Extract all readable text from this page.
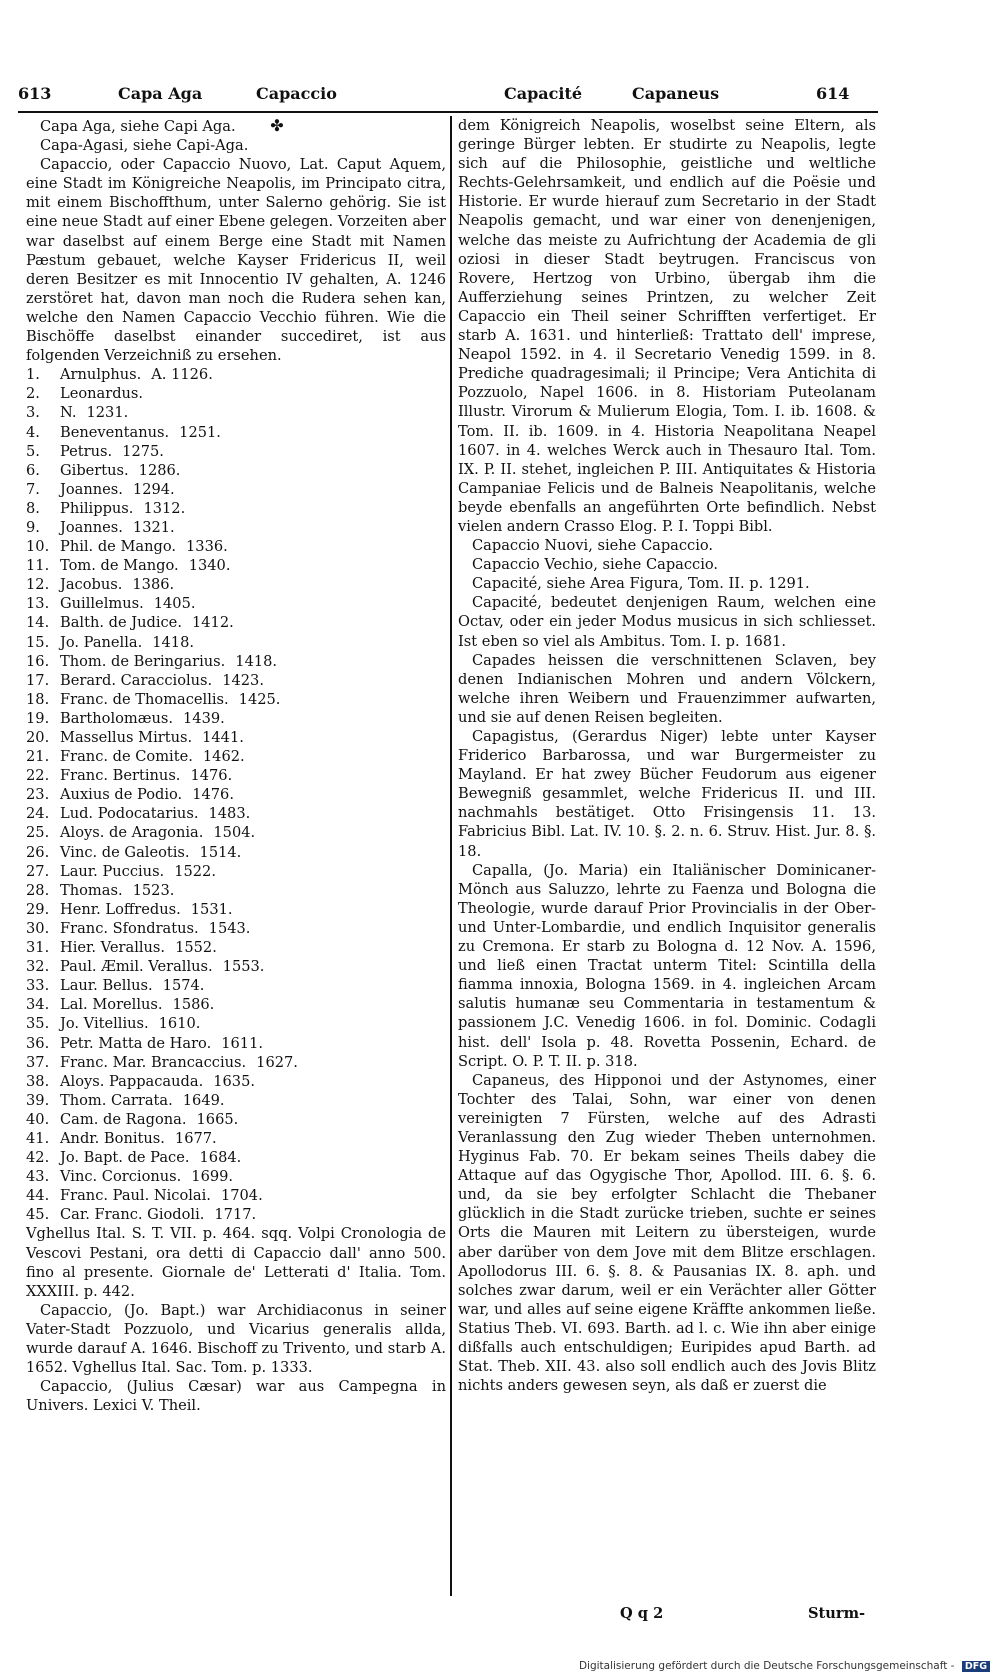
613	Capa Aga	Capaccio	Capacité	Capaneus	614

Capa Aga, siehe Capi Aga. ✤

Capa-Agasi, siehe Capi-Aga.

Capaccio, oder Capaccio Nuovo, Lat. Caput Aquem, eine Stadt im Königreiche Neapolis, im Principato citra, mit einem Bischoffthum, unter Salerno gehörig. Sie ist eine neue Stadt auf einer Ebene gelegen. Vorzeiten aber war daselbst auf einem Berge eine Stadt mit Namen Pæstum gebauet, welche Kayser Fridericus II, weil deren Besitzer es mit Innocentio IV gehalten, A. 1246 zerstöret hat, davon man noch die Rudera sehen kan, welche den Namen Capaccio Vecchio führen. Wie die Bischöffe daselbst einander succediret, ist aus folgenden Verzeichniß zu ersehen.

1. Arnulphus. A. 1126.
2. Leonardus.
3. N. 1231.
4. Beneventanus. 1251.
5. Petrus. 1275.
6. Gibertus. 1286.
7. Joannes. 1294.
8. Philippus. 1312.
9. Joannes. 1321.
10. Phil. de Mango. 1336.
11. Tom. de Mango. 1340.
12. Jacobus. 1386.
13. Guillelmus. 1405.
14. Balth. de Judice. 1412.
15. Jo. Panella. 1418.
16. Thom. de Beringarius. 1418.
17. Berard. Caracciolus. 1423.
18. Franc. de Thomacellis. 1425.
19. Bartholomæus. 1439.
20. Massellus Mirtus. 1441.
21. Franc. de Comite. 1462.
22. Franc. Bertinus. 1476.
23. Auxius de Podio. 1476.
24. Lud. Podocatarius. 1483.
25. Aloys. de Aragonia. 1504.
26. Vinc. de Galeotis. 1514.
27. Laur. Puccius. 1522.
28. Thomas. 1523.
29. Henr. Loffredus. 1531.
30. Franc. Sfondratus. 1543.
31. Hier. Verallus. 1552.
32. Paul. Æmil. Verallus. 1553.
33. Laur. Bellus. 1574.
34. Lal. Morellus. 1586.
35. Jo. Vitellius. 1610.
36. Petr. Matta de Haro. 1611.
37. Franc. Mar. Brancaccius. 1627.
38. Aloys. Pappacauda. 1635.
39. Thom. Carrata. 1649.
40. Cam. de Ragona. 1665.
41. Andr. Bonitus. 1677.
42. Jo. Bapt. de Pace. 1684.
43. Vinc. Corcionus. 1699.
44. Franc. Paul. Nicolai. 1704.
45. Car. Franc. Giodoli. 1717.

Vghellus Ital. S. T. VII. p. 464. sqq. Volpi Cronologia de Vescovi Pestani, ora detti di Capaccio dall' anno 500. fino al presente. Giornale de' Letterati d' Italia. Tom. XXXIII. p. 442.

Capaccio, (Jo. Bapt.) war Archidiaconus in seiner Vater-Stadt Pozzuolo, und Vicarius generalis allda, wurde darauf A. 1646. Bischoff zu Trivento, und starb A. 1652. Vghellus Ital. Sac. Tom. p. 1333.

Capaccio, (Julius Cæsar) war aus Campegna in Univers. Lexici V. Theil.

dem Königreich Neapolis, woselbst seine Eltern, als geringe Bürger lebten. Er studirte zu Neapolis, legte sich auf die Philosophie, geistliche und weltliche Rechts-Gelehrsamkeit, und endlich auf die Poësie und Historie. Er wurde hierauf zum Secretario in der Stadt Neapolis gemacht, und war einer von denenjenigen, welche das meiste zu Aufrichtung der Academia de gli oziosi in dieser Stadt beytrugen. Franciscus von Rovere, Hertzog von Urbino, übergab ihm die Aufferziehung seines Printzen, zu welcher Zeit Capaccio ein Theil seiner Schrifften verfertiget. Er starb A. 1631. und hinterließ: Trattato dell' imprese, Neapol 1592. in 4. il Secretario Venedig 1599. in 8. Prediche quadragesimali; il Principe; Vera Antichita di Pozzuolo, Napel 1606. in 8. Historiam Puteolanam Illustr. Virorum & Mulierum Elogia, Tom. I. ib. 1608. & Tom. II. ib. 1609. in 4. Historia Neapolitana Neapel 1607. in 4. welches Werck auch in Thesauro Ital. Tom. IX. P. II. stehet, ingleichen P. III. Antiquitates & Historia Campaniae Felicis und de Balneis Neapolitanis, welche beyde ebenfalls an angeführten Orte befindlich. Nebst vielen andern Crasso Elog. P. I. Toppi Bibl.

Capaccio Nuovi, siehe Capaccio.

Capaccio Vechio, siehe Capaccio.

Capacité, siehe Area Figura, Tom. II. p. 1291.

Capacité, bedeutet denjenigen Raum, welchen eine Octav, oder ein jeder Modus musicus in sich schliesset. Ist eben so viel als Ambitus. Tom. I. p. 1681.

Capades heissen die verschnittenen Sclaven, bey denen Indianischen Mohren und andern Völckern, welche ihren Weibern und Frauenzimmer aufwarten, und sie auf denen Reisen begleiten.

Capagistus, (Gerardus Niger) lebte unter Kayser Friderico Barbarossa, und war Burgermeister zu Mayland. Er hat zwey Bücher Feudorum aus eigener Bewegniß gesammlet, welche Fridericus II. und III. nachmahls bestätiget. Otto Frisingensis 11. 13. Fabricius Bibl. Lat. IV. 10. §. 2. n. 6. Struv. Hist. Jur. 8. §. 18.

Capalla, (Jo. Maria) ein Italiänischer Dominicaner-Mönch aus Saluzzo, lehrte zu Faenza und Bologna die Theologie, wurde darauf Prior Provincialis in der Ober- und Unter-Lombardie, und endlich Inquisitor generalis zu Cremona. Er starb zu Bologna d. 12 Nov. A. 1596, und ließ einen Tractat unterm Titel: Scintilla della fiamma innoxia, Bologna 1569. in 4. ingleichen Arcam salutis humanæ seu Commentaria in testamentum & passionem J.C. Venedig 1606. in fol. Dominic. Codagli hist. dell' Isola p. 48. Rovetta Possenin, Echard. de Script. O. P. T. II. p. 318.

Capaneus, des Hipponoi und der Astynomes, einer Tochter des Talai, Sohn, war einer von denen vereinigten 7 Fürsten, welche auf des Adrasti Veranlassung den Zug wieder Theben unternohmen. Hyginus Fab. 70. Er bekam seines Theils dabey die Attaque auf das Ogygische Thor, Apollod. III. 6. §. 6. und, da sie bey erfolgter Schlacht die Thebaner glücklich in die Stadt zurücke trieben, suchte er seines Orts die Mauren mit Leitern zu übersteigen, wurde aber darüber von dem Jove mit dem Blitze erschlagen. Apollodorus III. 6. §. 8. & Pausanias IX. 8. aph. und solches zwar darum, weil er ein Verächter aller Götter war, und alles auf seine eigene Kräffte ankommen ließe. Statius Theb. VI. 693. Barth. ad l. c. Wie ihn aber einige dißfalls auch entschuldigen; Euripides apud Barth. ad Stat. Theb. XII. 43. also soll endlich auch des Jovis Blitz nichts anders gewesen seyn, als daß er zuerst die

Q q 2	Sturm-
Digitalisierung gefördert durch die Deutsche Forschungsgemeinschaft - DFG
